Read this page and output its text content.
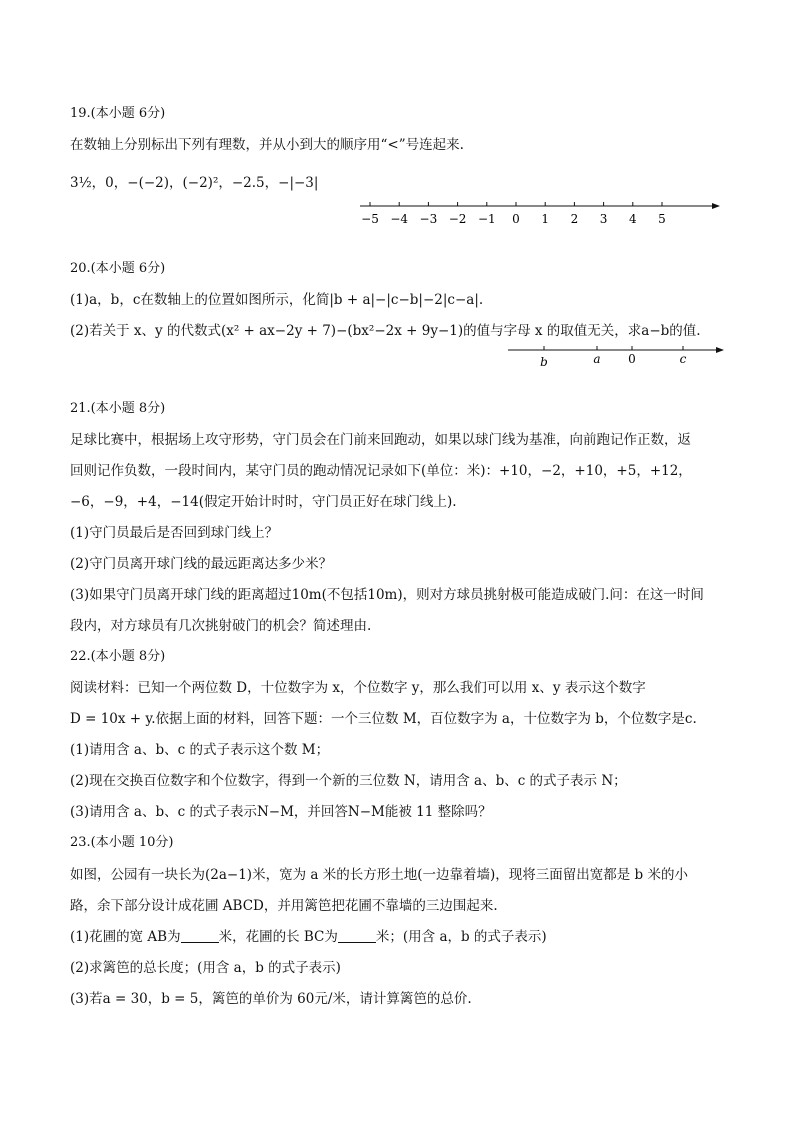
19.(本小题 6分)
在数轴上分别标出下列有理数，并从小到大的顺序用“<”号连起来.
3½，0，−(−2)，(−2)²，−2.5，−|−3|
−5 −4 −3 −2 −1 0 1 2 3 4 5
20.(本小题 6分)
(1)a，b，c在数轴上的位置如图所示，化简|b + a|−|c−b|−2|c−a|.
(2)若关于 x、y 的代数式(x² + ax−2y + 7)−(bx²−2x + 9y−1)的值与字母 x 的取值无关，求a−b的值.
b	a 0	c
21.(本小题 8分)
足球比赛中，根据场上攻守形势，守门员会在门前来回跑动，如果以球门线为基准，向前跑记作正数，返
回则记作负数，一段时间内，某守门员的跑动情况记录如下(单位：米)：+10，−2，+10，+5，+12，
−6，−9，+4，−14(假定开始计时时，守门员正好在球门线上).
(1)守门员最后是否回到球门线上？
(2)守门员离开球门线的最远距离达多少米？
(3)如果守门员离开球门线的距离超过10m(不包括10m)，则对方球员挑射极可能造成破门.问：在这一时间
段内，对方球员有几次挑射破门的机会？简述理由.
22.(本小题 8分)
阅读材料：已知一个两位数 D，十位数字为 x，个位数字 y，那么我们可以用 x、y 表示这个数字
D = 10x + y.依据上面的材料，回答下题：一个三位数 M，百位数字为 a，十位数字为 b，个位数字是c.
(1)请用含 a、b、c 的式子表示这个数 M；
(2)现在交换百位数字和个位数字，得到一个新的三位数 N，请用含 a、b、c 的式子表示 N；
(3)请用含 a、b、c 的式子表示N−M，并回答N−M能被 11 整除吗？
23.(本小题 10分)
如图，公园有一块长为(2a−1)米，宽为 a 米的长方形土地(一边靠着墙)，现将三面留出宽都是 b 米的小
路，余下部分设计成花圃 ABCD，并用篱笆把花圃不靠墙的三边围起来.
(1)花圃的宽 AB为	米，花圃的长 BC为	米；(用含 a，b 的式子表示)
(2)求篱笆的总长度；(用含 a，b 的式子表示)
(3)若a = 30，b = 5，篱笆的单价为 60元/米，请计算篱笆的总价.
